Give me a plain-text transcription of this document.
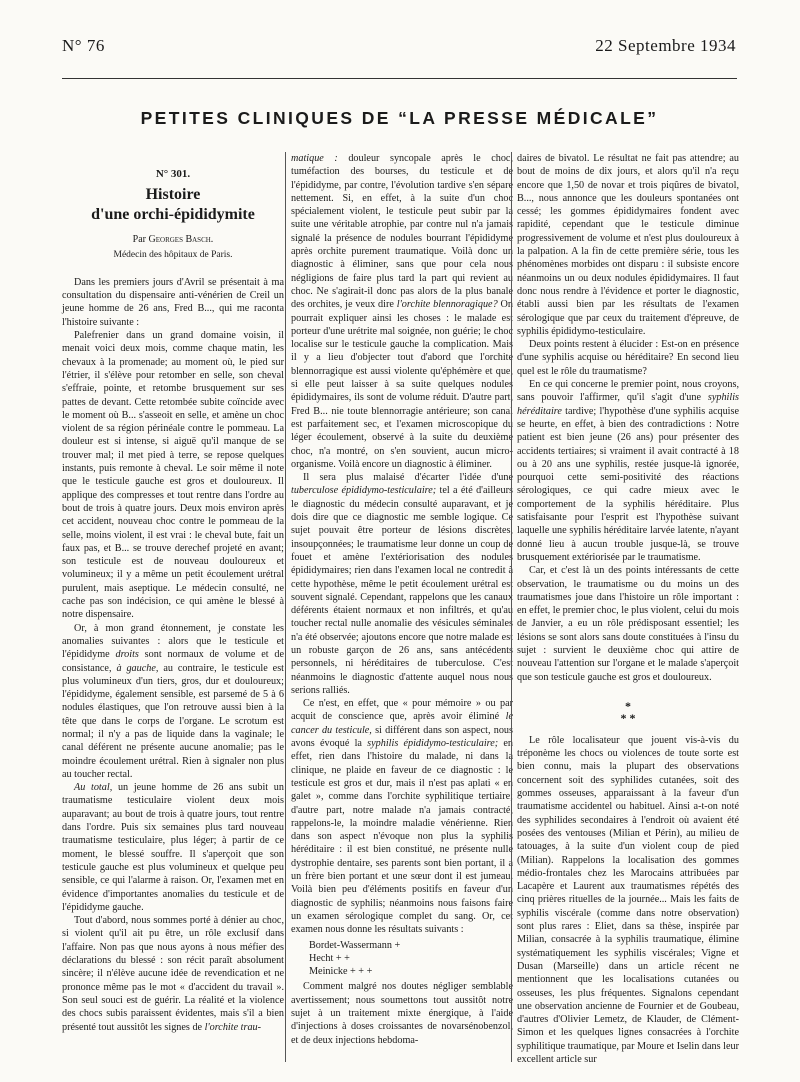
N° 76	22 Septembre 1934
PETITES CLINIQUES DE “LA PRESSE MÉDICALE”
N° 301.
Histoire
d'une orchi-épididymite
Par Georges Basch.
Médecin des hôpitaux de Paris.

Dans les premiers jours d'Avril se présentait à ma consultation du dispensaire anti-vénérien de Creil un jeune homme de 26 ans, Fred B..., qui me raconta l'histoire suivante :

Palefrenier dans un grand domaine voisin, il menait voici deux mois, comme chaque matin, les chevaux à la promenade; au moment où, le pied sur l'étrier, il s'élève pour retomber en selle, son cheval s'effraie, pointe, et retombe brusquement sur ses pattes de devant. Cette retombée subite coïncide avec le moment où B... s'asseoit en selle, et amène un choc violent de sa région périnéale contre le pommeau. La douleur est si intense, si aiguë qu'il manque de se trouver mal; il met pied à terre, se repose quelques instants, puis remonte à cheval. Le soir même il note que le testicule gauche est gros et douloureux. Il applique des compresses et tout rentre dans l'ordre au bout de trois à quatre jours. Deux mois environ après cet accident, nouveau choc contre le pommeau de la selle, moins violent, il est vrai : le cheval bute, fait un faux pas, et B... se trouve derechef projeté en avant; son testicule est de nouveau douloureux et volumineux; il y a même un petit écoulement urétral purulent, mais aseptique. Le médecin consulté, ne cache pas son indécision, ce qui amène le blessé à notre dispensaire.

Or, à mon grand étonnement, je constate les anomalies suivantes : alors que le testicule et l'épididyme droits sont normaux de volume et de consistance, à gauche, au contraire, le testicule est plus volumineux d'un tiers, gros, dur et douloureux; l'épididyme, également sensible, est parsemé de 5 à 6 nodules élastiques, que l'on retrouve aussi bien à la tête que dans le corps de l'organe. Le scrotum est normal; il n'y a pas de liquide dans la vaginale; le canal déférent ne présente aucune anomalie; pas le moindre écoulement urétral. Rien à signaler non plus au toucher rectal.

Au total, un jeune homme de 26 ans subit un traumatisme testiculaire violent deux mois auparavant; au bout de trois à quatre jours, tout rentre dans l'ordre. Puis six semaines plus tard nouveau traumatisme testiculaire, plus léger; à partir de ce moment, le blessé souffre. Il s'aperçoit que son testicule gauche est plus volumineux et quelque peu sensible, ce qui l'alarme à raison. Or, l'examen met en évidence d'importantes anomalies du testicule et de l'épididyme gauche.

Tout d'abord, nous sommes porté à dénier au choc, si violent qu'il ait pu être, un rôle exclusif dans l'affaire. Non pas que nous ayons à nous méfier des déclarations du blessé : son récit paraît absolument sincère; il n'élève aucune idée de revendication et ne prononce même pas le mot « d'accident du travail ». Son seul souci est de guérir. La réalité et la violence des chocs subis paraissent évidentes, mais s'il a bien présenté tout aussitôt les signes de l'orchite trau-

matique : douleur syncopale après le choc, tuméfaction des bourses, du testicule et de l'épididyme, par contre, l'évolution tardive s'en sépare nettement. Si, en effet, à la suite d'un choc spécialement violent, le testicule peut subir par la suite une véritable atrophie, par contre nul n'a jamais signalé la présence de nodules bourrant l'épididyme après orchite purement traumatique. Voilà donc un diagnostic à éliminer, sans que pour cela nous négligions de faire plus tard la part qui revient au choc. Ne s'agirait-il donc pas alors de la plus banale des orchites, je veux dire l'orchite blennoragique? On pourrait expliquer ainsi les choses : le malade est porteur d'une urétrite mal soignée, non guérie; le choc localise sur le testicule gauche la complication. Mais il y a lieu d'objecter tout d'abord que l'orchite blennorragique est aussi violente qu'éphémère et que, si elle peut laisser à sa suite quelques nodules épididymaires, ils sont de volume réduit. D'autre part, Fred B... nie toute blennorragie antérieure; son canal est parfaitement sec, et l'examen microscopique du léger écoulement, observé à la suite du deuxième choc, n'a montré, on s'en souvient, aucun micro-organisme. Voilà encore un diagnostic à éliminer.

Il sera plus malaisé d'écarter l'idée d'une tuberculose épididymo-testiculaire; tel a été d'ailleurs le diagnostic du médecin consulté auparavant, et je dois dire que ce diagnostic me semble logique. Ce sujet pouvait être porteur de lésions discrètes, insoupçonnées; le traumatisme leur donne un coup de fouet et amène l'extériorisation des nodules épididymaires; rien dans l'examen local ne contredit à cette hypothèse, même le petit écoulement urétral est souvent signalé. Cependant, rappelons que les canaux déférents étaient normaux et non infiltrés, et qu'au toucher rectal nulle anomalie des vésicules séminales n'a été observée; ajoutons encore que notre malade est un robuste garçon de 26 ans, sans antécédents personnels, ni héréditaires de tuberculose. C'est néanmoins le diagnostic d'attente auquel nous nous serions ralliés.

Ce n'est, en effet, que « pour mémoire » ou par acquit de conscience que, après avoir éliminé le cancer du testicule, si différent dans son aspect, nous avons évoqué la syphilis épididymo-testiculaire; en effet, rien dans l'histoire du malade, ni dans la clinique, ne plaide en faveur de ce diagnostic : le testicule est gros et dur, mais il n'est pas aplati « en galet », comme dans l'orchite syphilitique tertiaire; d'autre part, notre malade n'a jamais contracté, rappelons-le, la moindre maladie vénérienne. Rien dans son aspect n'évoque non plus la syphilis héréditaire : il est bien constitué, ne présente nulle dystrophie dentaire, ses parents sont bien portant, il a un frère bien portant et une sœur dont il est jumeau. Voilà bien peu d'éléments positifs en faveur d'un diagnostic de syphilis; néanmoins nous faisons faire un examen sérologique complet du sang. Or, cet examen nous donne les résultats suivants :

Bordet-Wassermann +
Hecht + +
Meinicke + + +

Comment malgré nos doutes négliger semblable avertissement; nous soumettons tout aussitôt notre sujet à un traitement mixte énergique, à l'aide d'injections à doses croissantes de novarsénobenzol, et de deux injections hebdoma-

daires de bivatol. Le résultat ne fait pas attendre; au bout de moins de dix jours, et alors qu'il n'a reçu encore que 1,50 de novar et trois piqûres de bivatol, B..., nous annonce que les douleurs spontanées ont cessé; les gommes épididymaires fondent avec rapidité, cependant que le testicule diminue progressivement de volume et n'est plus douloureux à la palpation. A la fin de cette première série, tous les phénomènes morbides ont disparu : il subsiste encore néanmoins un ou deux nodules épididymaires. Il faut donc nous rendre à l'évidence et porter le diagnostic, établi aussi bien par les résultats de l'examen sérologique que par ceux du traitement d'épreuve, de syphilis épididymo-testiculaire.

Deux points restent à élucider : Est-on en présence d'une syphilis acquise ou héréditaire? En second lieu quel est le rôle du traumatisme?

En ce qui concerne le premier point, nous croyons, sans pouvoir l'affirmer, qu'il s'agit d'une syphilis héréditaire tardive; l'hypothèse d'une syphilis acquise se heurte, en effet, à bien des contradictions : Notre patient est bien jeune (26 ans) pour présenter des accidents tertiaires; si vraiment il avait contracté à 18 ou à 20 ans une syphilis, restée jusque-là ignorée, pourquoi cette semi-positivité des réactions sérologiques, ce qui cadre mieux avec le comportement de la syphilis héréditaire. Plus satisfaisante pour l'esprit est l'hypothèse suivant laquelle une syphilis héréditaire larvée latente, n'ayant donné lieu à aucun trouble jusque-là, se trouve brusquement extériorisée par le traumatisme.

Car, et c'est là un des points intéressants de cette observation, le traumatisme ou du moins un des traumatismes joue dans l'histoire un rôle important : en effet, le premier choc, le plus violent, celui du mois de Janvier, a eu un rôle prédisposant essentiel; les lésions se sont alors sans doute constituées à l'insu du sujet : survient le deuxième choc qui attire de nouveau l'attention sur l'organe et le malade s'aperçoit que son testicule gauche est gros et douloureux.

*
* *

Le rôle localisateur que jouent vis-à-vis du tréponème les chocs ou violences de toute sorte est bien connu, mais la plupart des observations concernent soit des syphilides cutanées, soit des gommes osseuses, apparaissant à la faveur d'un traumatisme accidentel ou habituel. Ainsi a-t-on noté des syphilides secondaires à l'endroit où avaient été posées des ventouses (Milian et Périn), au milieu de tatouages, à la suite d'un violent coup de pied (Milian). Rappelons la localisation des gommes médio-frontales chez les Marocains attribuées par Lacapère et Laurent aux traumatismes répétés des cinq prières rituelles de la journée... Mais les faits de syphilis viscérale (comme dans notre observation) sont plus rares : Eliet, dans sa thèse, inspirée par Milian, consacrée à la syphilis traumatique, élimine systématiquement les syphilis viscérales; Vigne et Dusan (Marseille) dans un article récent ne mentionnent que les localisations cutanées ou osseuses, les plus fréquentes. Signalons cependant une observation ancienne de Fournier et de Goubeau, d'autres d'Olivier Lemetz, de Klauder, de Clément-Simon et les quelques lignes consacrées à l'orchite syphilitique traumatique, par Moure et Iselin dans leur excellent article sur
